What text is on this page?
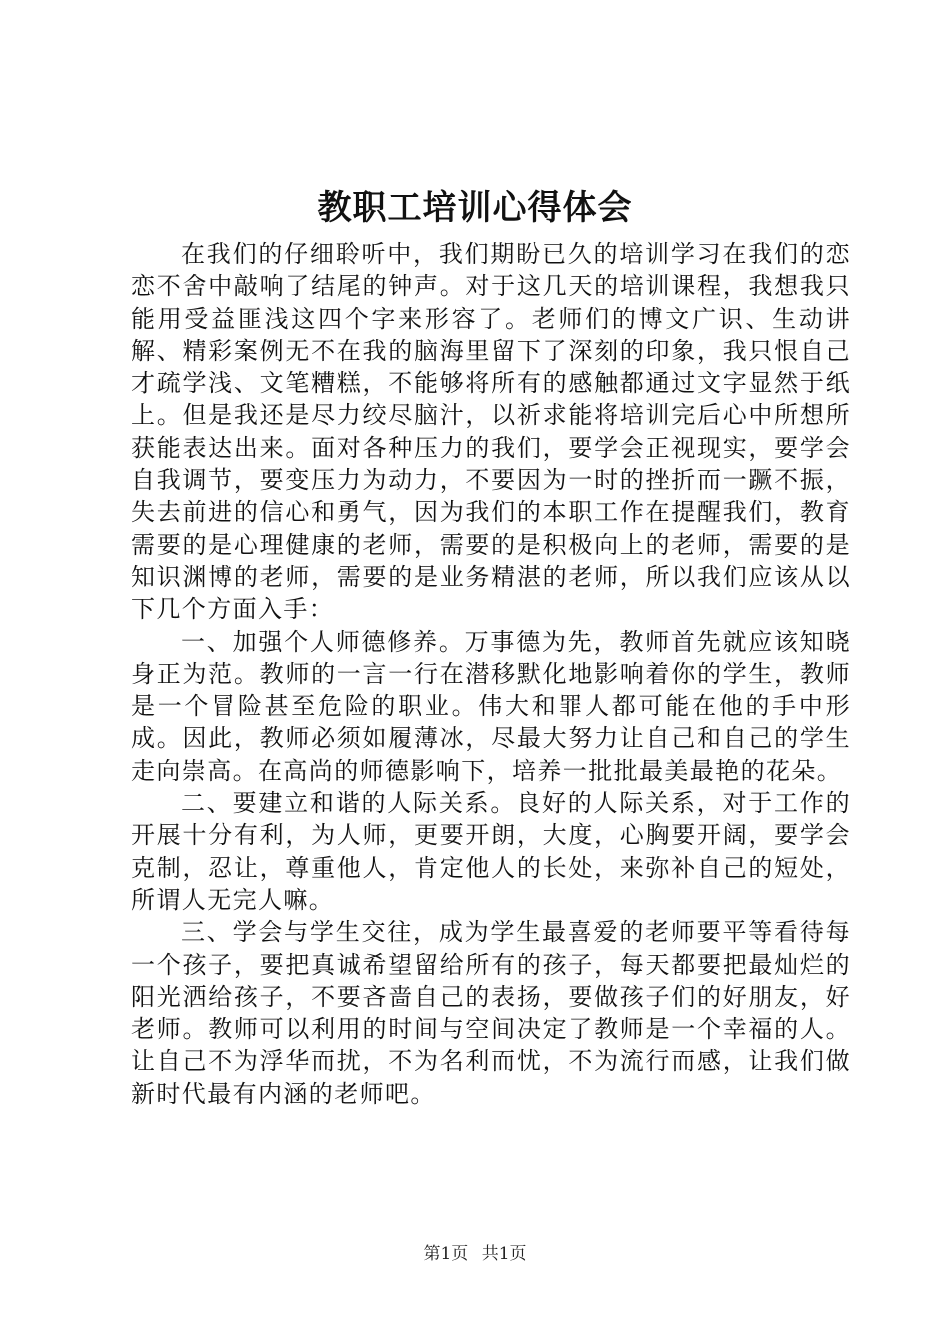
教职工培训心得体会

在我们的仔细聆听中，我们期盼已久的培训学习在我们的恋恋不舍中敲响了结尾的钟声。对于这几天的培训课程，我想我只能用受益匪浅这四个字来形容了。老师们的博文广识、生动讲解、精彩案例无不在我的脑海里留下了深刻的印象，我只恨自己才疏学浅、文笔糟糕，不能够将所有的感触都通过文字显然于纸上。但是我还是尽力绞尽脑汁，以祈求能将培训完后心中所想所获能表达出来。面对各种压力的我们，要学会正视现实，要学会自我调节，要变压力为动力，不要因为一时的挫折而一蹶不振，失去前进的信心和勇气，因为我们的本职工作在提醒我们，教育需要的是心理健康的老师，需要的是积极向上的老师，需要的是知识渊博的老师，需要的是业务精湛的老师，所以我们应该从以下几个方面入手：

一、加强个人师德修养。万事德为先，教师首先就应该知晓身正为范。教师的一言一行在潜移默化地影响着你的学生，教师是一个冒险甚至危险的职业。伟大和罪人都可能在他的手中形成。因此，教师必须如履薄冰，尽最大努力让自己和自己的学生走向崇高。在高尚的师德影响下，培养一批批最美最艳的花朵。

二、要建立和谐的人际关系。良好的人际关系，对于工作的开展十分有利，为人师，更要开朗，大度，心胸要开阔，要学会克制，忍让，尊重他人，肯定他人的长处，来弥补自己的短处，所谓人无完人嘛。

三、学会与学生交往，成为学生最喜爱的老师要平等看待每一个孩子，要把真诚希望留给所有的孩子，每天都要把最灿烂的阳光洒给孩子，不要吝啬自己的表扬，要做孩子们的好朋友，好老师。教师可以利用的时间与空间决定了教师是一个幸福的人。让自己不为浮华而扰，不为名利而忧，不为流行而感，让我们做新时代最有内涵的老师吧。

第1页 共1页
